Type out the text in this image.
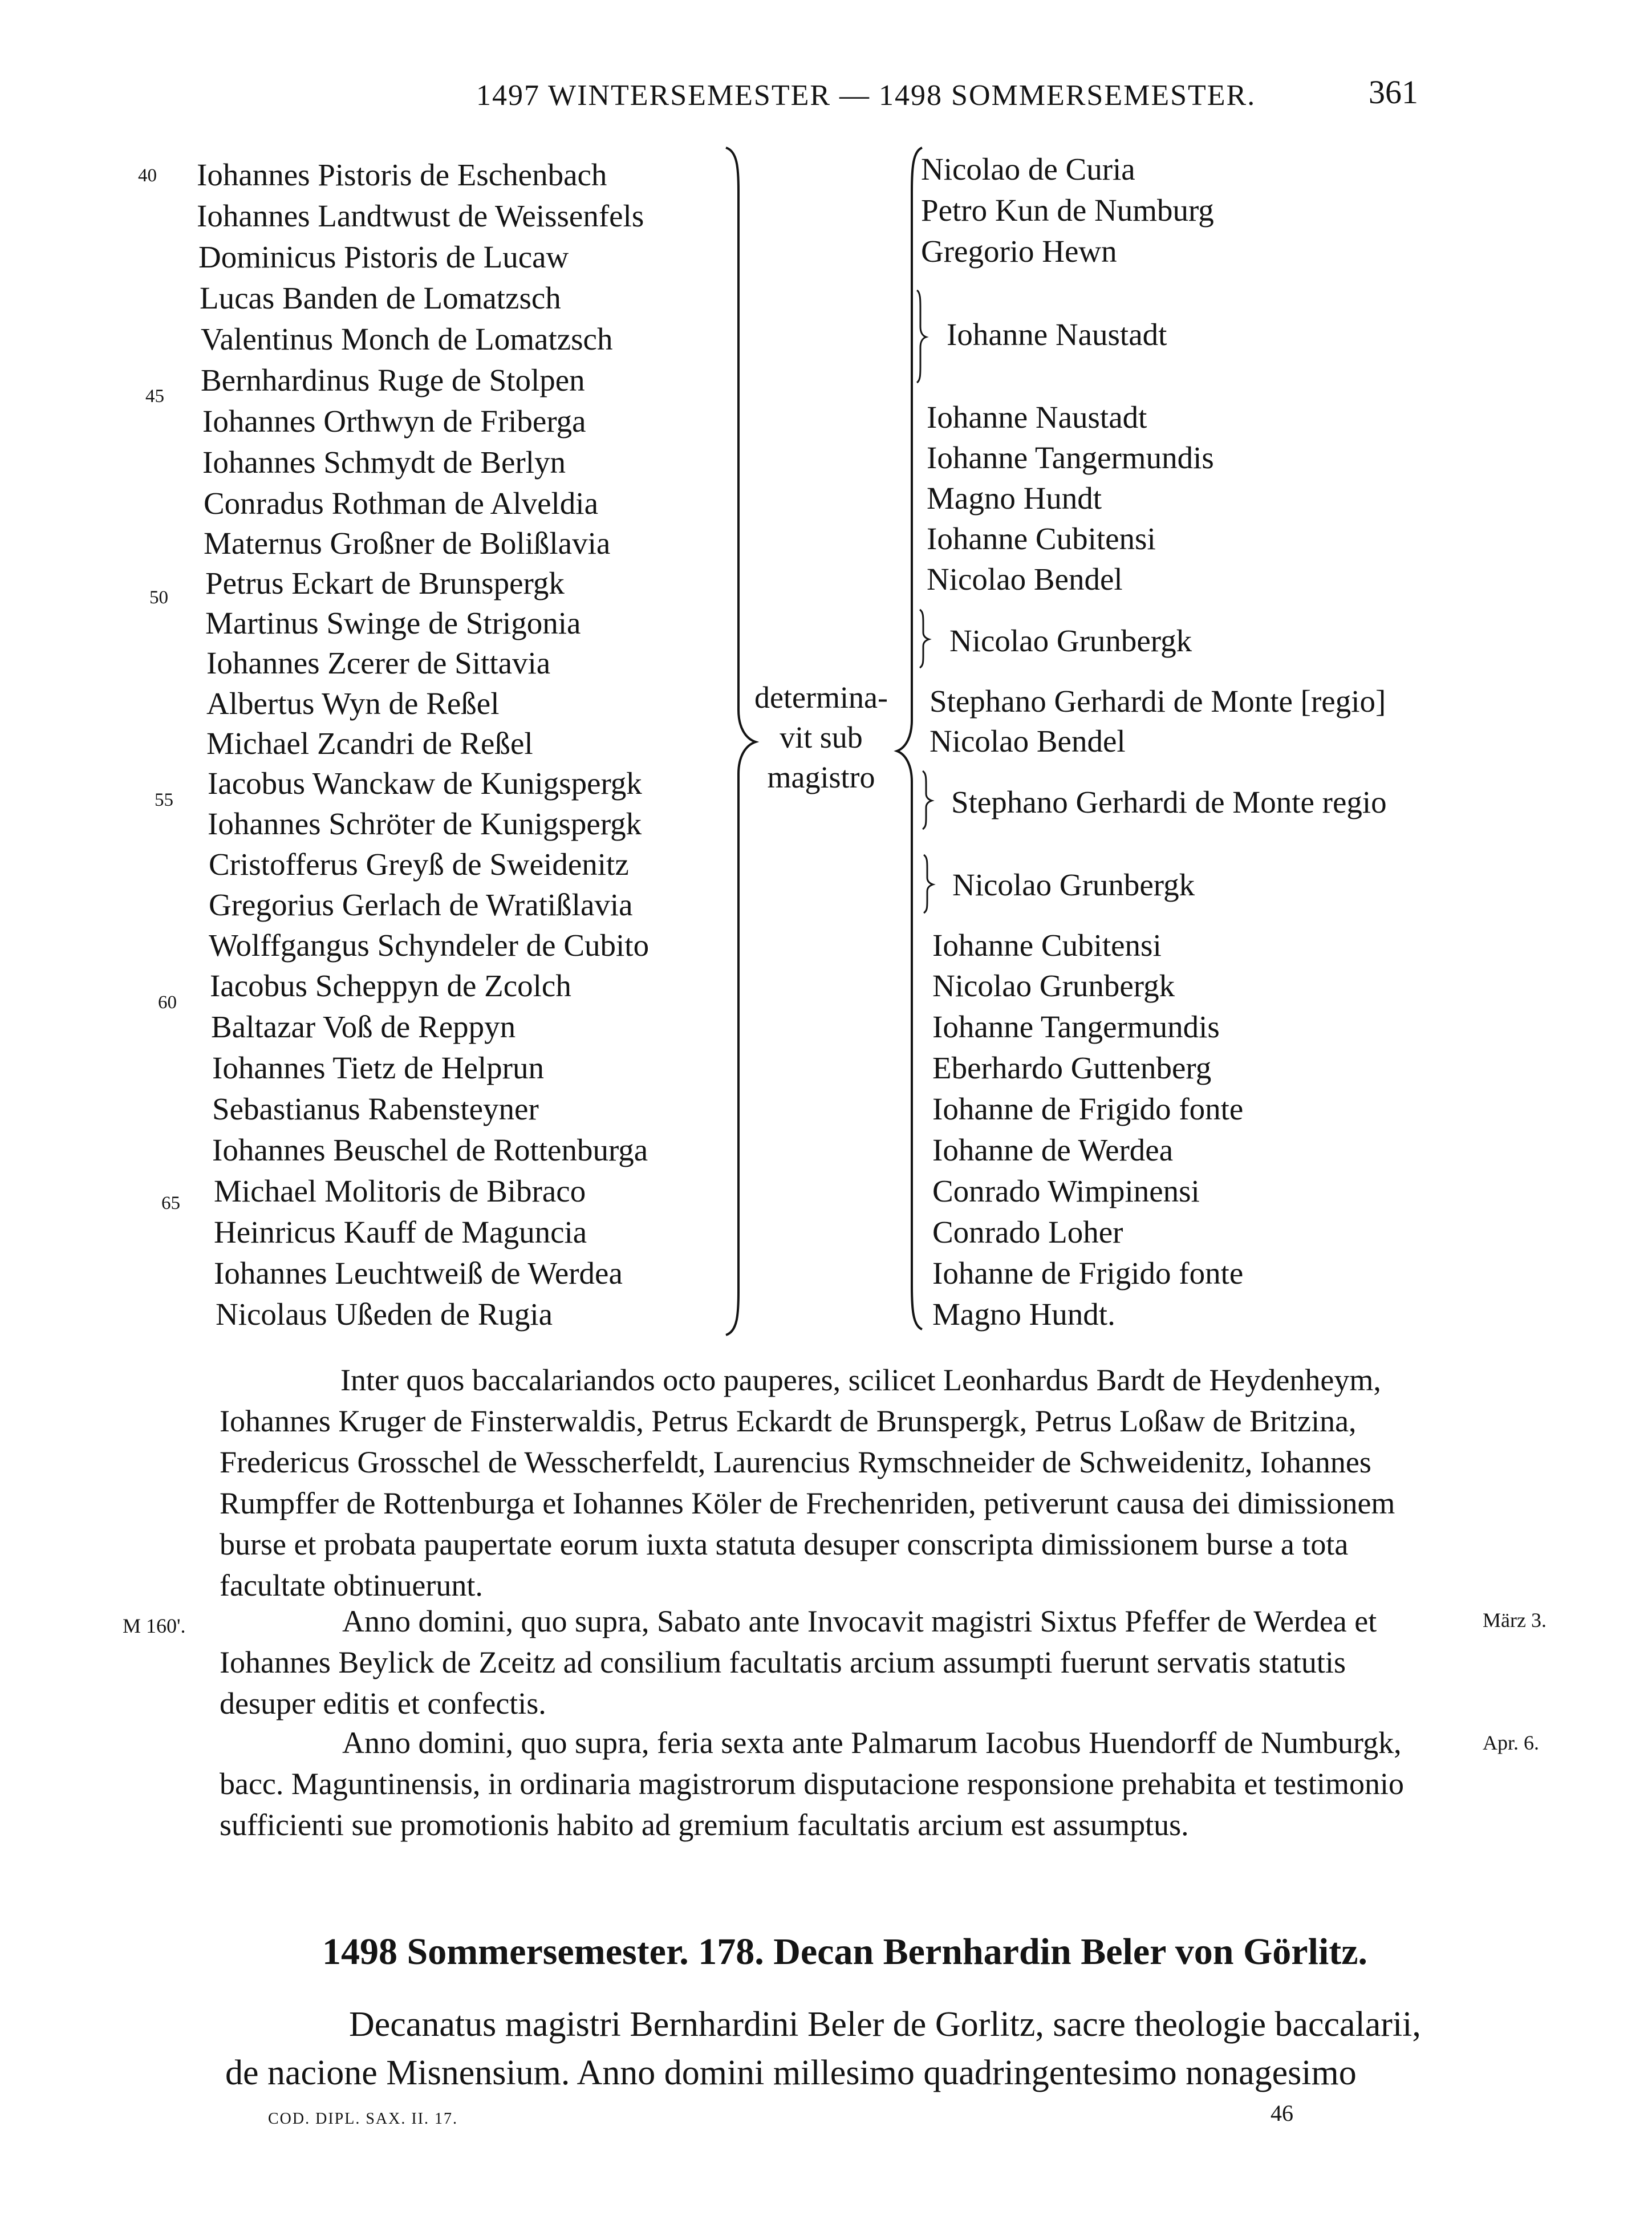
1497 WINTERSEMESTER — 1498 SOMMERSEMESTER.	361
40
45
50
55
60
65
Iohannes Pistoris de Eschenbach
Iohannes Landtwust de Weissenfels
Dominicus Pistoris de Lucaw
Lucas Banden de Lomatzsch
Valentinus Monch de Lomatzsch
Bernhardinus Ruge de Stolpen
Iohannes Orthwyn de Friberga
Iohannes Schmydt de Berlyn
Conradus Rothman de Alveldia
Maternus Großner de Bolißlavia
Petrus Eckart de Brunspergk
Martinus Swinge de Strigonia
Iohannes Zcerer de Sittavia
Albertus Wyn de Reßel
Michael Zcandri de Reßel
Iacobus Wanckaw de Kunigspergk
Iohannes Schröter de Kunigspergk
Cristofferus Greyß de Sweidenitz
Gregorius Gerlach de Wratißlavia
Wolffgangus Schyndeler de Cubito
Iacobus Scheppyn de Zcolch
Baltazar Voß de Reppyn
Iohannes Tietz de Helprun
Sebastianus Rabensteyner
Iohannes Beuschel de Rottenburga
Michael Molitoris de Bibraco
Heinricus Kauff de Maguncia
Iohannes Leuchtweiß de Werdea
Nicolaus Ußeden de Rugia
determina-
vit sub
magistro
Nicolao de Curia
Petro Kun de Numburg
Gregorio Hewn
Iohanne Naustadt
Iohanne Naustadt
Iohanne Tangermundis
Magno Hundt
Iohanne Cubitensi
Nicolao Bendel
Nicolao Grunbergk
Stephano Gerhardi de Monte [regio]
Nicolao Bendel
Stephano Gerhardi de Monte regio
Nicolao Grunbergk
Iohanne Cubitensi
Nicolao Grunbergk
Iohanne Tangermundis
Eberhardo Guttenberg
Iohanne de Frigido fonte
Iohanne de Werdea
Conrado Wimpinensi
Conrado Loher
Iohanne de Frigido fonte
Magno Hundt.
Inter quos baccalariandos octo pauperes, scilicet Leonhardus Bardt de Heydenheym,
Iohannes Kruger de Finsterwaldis, Petrus Eckardt de Brunspergk, Petrus Loßaw de Britzina,
Fredericus Grosschel de Wesscherfeldt, Laurencius Rymschneider de Schweidenitz, Iohannes
Rumpffer de Rottenburga et Iohannes Köler de Frechenriden, petiverunt causa dei dimissionem
burse et probata paupertate eorum iuxta statuta desuper conscripta dimissionem burse a tota
facultate obtinuerunt.
M 160'.	März 3.
Apr. 6.
Anno domini, quo supra, Sabato ante Invocavit magistri Sixtus Pfeffer de Werdea et
Iohannes Beylick de Zceitz ad consilium facultatis arcium assumpti fuerunt servatis statutis
desuper editis et confectis.
Anno domini, quo supra, feria sexta ante Palmarum Iacobus Huendorff de Numburgk,
bacc. Maguntinensis, in ordinaria magistrorum disputacione responsione prehabita et testimonio
sufficienti sue promotionis habito ad gremium facultatis arcium est assumptus.
1498 Sommersemester. 178. Decan Bernhardin Beler von Görlitz.
Decanatus magistri Bernhardini Beler de Gorlitz, sacre theologie baccalarii,
de nacione Misnensium. Anno domini millesimo quadringentesimo nonagesimo
COD. DIPL. SAX. II. 17.	46
